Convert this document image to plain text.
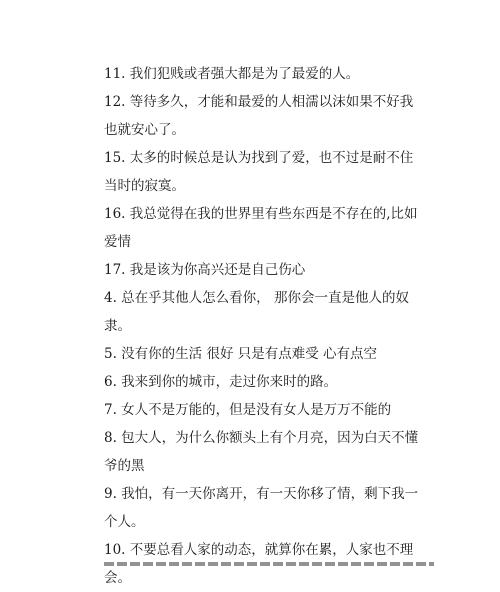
11. 我们犯贱或者强大都是为了最爱的人。

12. 等待多久，才能和最爱的人相濡以沫如果不好我
也就安心了。

15. 太多的时候总是认为找到了爱，也不过是耐不住
当时的寂寞。

16. 我总觉得在我的世界里有些东西是不存在的,比如
爱情

17. 我是该为你高兴还是自己伤心

4. 总在乎其他人怎么看你， 那你会一直是他人的奴
隶。

5. 没有你的生活 很好 只是有点难受 心有点空

6. 我来到你的城市，走过你来时的路。

7. 女人不是万能的，但是没有女人是万万不能的

8. 包大人，为什么你额头上有个月亮，因为白天不懂
爷的黑

9. 我怕，有一天你离开，有一天你移了情，剩下我一
个人。

10. 不要总看人家的动态，就算你在累，人家也不理
会。
